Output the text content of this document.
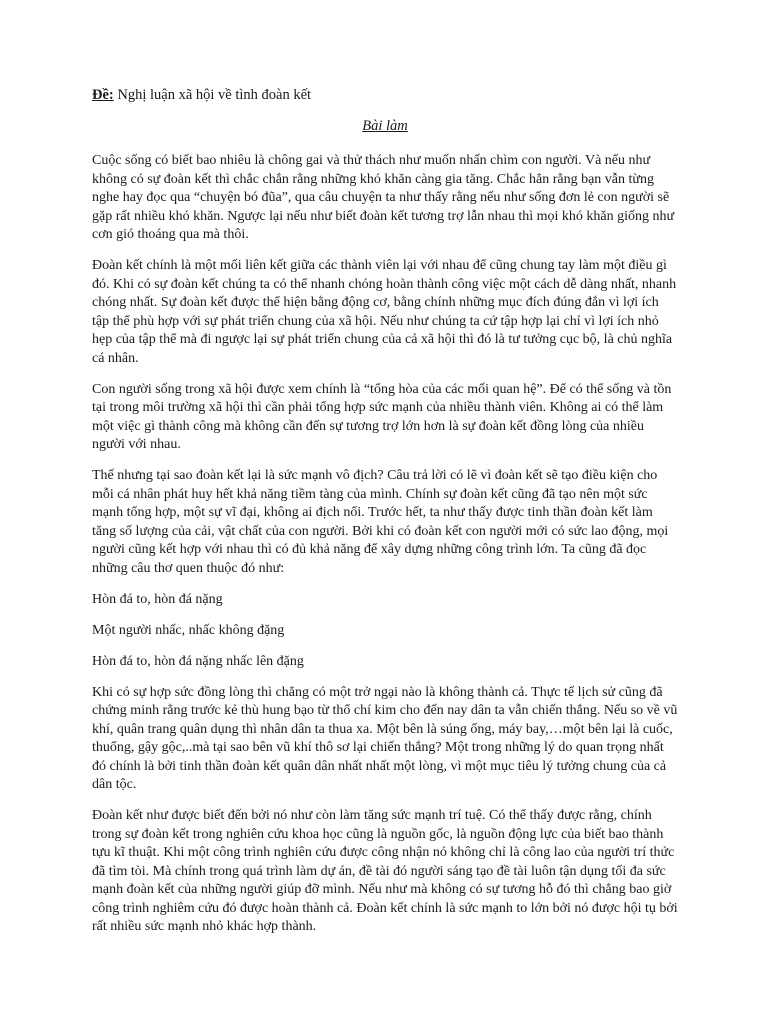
Đề: Nghị luận xã hội về tình đoàn kết

Bài làm

Cuộc sống có biết bao nhiêu là chông gai và thử thách như muốn nhấn chìm con người. Và nếu như không có sự đoàn kết thì chắc chắn rằng những khó khăn càng gia tăng. Chắc hẳn rằng bạn vẫn từng nghe hay đọc qua “chuyện bó đũa”, qua câu chuyện ta như thấy rằng nếu như sống đơn lẻ con người sẽ gặp rất nhiều khó khăn. Ngược lại nếu như biết đoàn kết tương trợ lẫn nhau thì mọi khó khăn giống như cơn gió thoáng qua mà thôi.

Đoàn kết chính là một mối liên kết giữa các thành viên lại với nhau để cũng chung tay làm một điều gì đó. Khi có sự đoàn kết chúng ta có thể nhanh chóng hoàn thành công việc một cách dễ dàng nhất, nhanh chóng nhất. Sự đoàn kết được thể hiện bằng động cơ, bằng chính những mục đích đúng đắn vì lợi ích tập thể phù hợp với sự phát triển chung của xã hội. Nếu như chúng ta cứ tập hợp lại chỉ vì lợi ích nhỏ hẹp của tập thể mà đi ngược lại sự phát triển chung của cả xã hội thì đó là tư tưởng cục bộ, là chủ nghĩa cá nhân.

Con người sống trong xã hội được xem chính là “tổng hòa của các mối quan hệ”. Để có thể sống và tồn tại trong môi trường xã hội thì cần phải tổng hợp sức mạnh của nhiều thành viên. Không ai có thể làm một việc gì thành công mà không cần đến sự tương trợ lớn hơn là sự đoàn kết đồng lòng của nhiều người với nhau.

Thế nhưng tại sao đoàn kết lại là sức mạnh vô địch? Câu trả lời có lẽ vì đoàn kết sẽ tạo điều kiện cho mỗi cá nhân phát huy hết khả năng tiềm tàng của mình. Chính sự đoàn kết cũng đã tạo nên một sức mạnh tổng hợp, một sự vĩ đại, không ai địch nổi. Trước hết, ta như thấy được tinh thần đoàn kết làm tăng số lượng của cải, vật chất của con người. Bởi khi có đoàn kết con người mới có sức lao động, mọi người cũng kết hợp với nhau thì có đủ khả năng để xây dựng những công trình lớn. Ta cũng đã đọc những câu thơ quen thuộc đó như:

Hòn đá to, hòn đá nặng

Một người nhấc, nhấc không đặng

Hòn đá to, hòn đá nặng nhấc lên đặng

Khi có sự hợp sức đồng lòng thì chẳng có một trở ngại nào là không thành cả. Thực tế lịch sử cũng đã chứng minh rằng trước kẻ thù hung bạo từ thổ chí kim cho đến nay dân ta vẫn chiến thắng. Nếu so về vũ khí, quân trang quân dụng thì nhân dân ta thua xa. Một bên là súng ống, máy bay,…một bên lại là cuốc, thuổng, gậy gộc,..mà tại sao bên vũ khí thô sơ lại chiến thắng? Một trong những lý do quan trọng nhất đó chính là bởi tinh thần đoàn kết quân dân nhất nhất một lòng, vì một mục tiêu lý tưởng chung của cả dân tộc.

Đoàn kết như được biết đến bởi nó như còn làm tăng sức mạnh trí tuệ. Có thể thấy được rằng, chính trong sự đoàn kết trong nghiên cứu khoa học cũng là nguồn gốc, là nguồn động lực của biết bao thành tựu kĩ thuật. Khi một công trình nghiên cứu được công nhận nó không chỉ là công lao của người trí thức đã tìm tòi. Mà chính trong quá trình làm dự án, đề tài đó người sáng tạo đề tài luôn tận dụng tối đa sức mạnh đoàn kết của những người giúp đỡ mình. Nếu như mà không có sự tương hỗ đó thì chẳng bao giờ công trình nghiêm cứu đó được hoàn thành cả. Đoàn kết chính là sức mạnh to lớn bởi nó được hội tụ bởi rất nhiều sức mạnh nhỏ khác hợp thành.
